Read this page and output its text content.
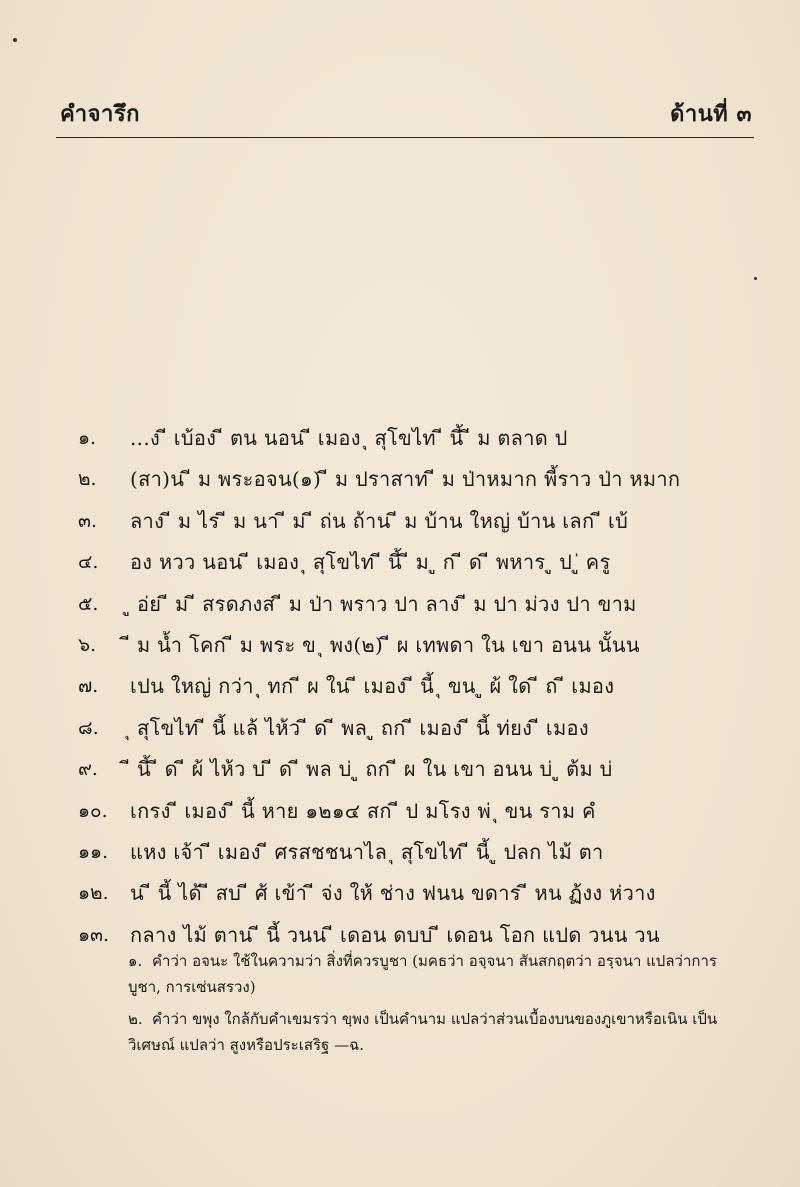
คำจารึก	ด้านที่ ๓
๑.	...ง ี เบ้อง ี ตน นอน ี เมอง ุ สุโขไท ี นี้ ี ม ตลาด ป
๒.	(สา)น ี ม พระอจน(๑) ี ม ปราสาท ี ม ป่าหมาก พี้ราว ป่า หมาก
๓.	ลาง ี ม ไร่ ี ม นา ี ม ี ถ่น ถ้าน ี ม บ้าน ใหญ่ บ้าน เลก ี เบ้
๔.	อง หวว นอน ี เมอง ุ สุโขไท ี นี้ ี ม ู ก ี ด ี พหาร ู ป ู่ ครู
๕.	ู อ่ย ี ม ี สรดภงส ี ม ป่า พราว ปา ลาง ี ม ปา ม่วง ปา ขาม
๖.	ี ม น้ำ โคก ี ม พระ ข ุ พง(๒) ี ผ เทพดา ใน เขา อนน นั้นน
๗.	เปน ใหญ่ กว่า ุ ทก ี ผ ใน ี เมอง ี นี้ ุ ขน ู ผ้ ใด ี ถ ี เมอง
๘.	ุ สุโขไท ี นี้ แล้ ไห้ว ี ด ี พล ู ถก ี เมอง ี นี้ ท่ยง ี เมอง
๙.	ี นี้ ี ด ี ผ้ ไห้ว บ่ ี ด ี พล บ่ ู ถก ี ผ ใน เขา อนน บ่ ู ต้ม บ่
๑๐.	เกรง ี เมอง ี นี้ หาย ๑๒๑๔ สก ี ป มโรง พ่ ุ ขน ราม คํ
๑๑.	แหง เจ้า ี เมอง ี ศรสชชนาไล ุ สุโขไท ี นี้ ู ปลก ไม้ ตา
๑๒.	น ี นี้ ได้ ี สบ ี ศ้ เข้า ี จ่ง ให้ ช่าง ฟนน ขดาร ี หน ฏ้งง ห่วาง
๑๓.	กลาง ไม้ ตาน ี นี้ วนน ี เดอน ดบบ ี เดอน โอก แปด วนน วน
๑. คำว่า อจนะ ใช้ในความว่า สิ่งที่ควรบูชา (มคธว่า อจฺจนา สันสกฤตว่า อรฺจนา แปลว่าการ
บูชา, การเซ่นสรวง)
๒. คำว่า ขพุง ใกล้กับคำเขมรว่า ขฺพง เป็นคำนาม แปลว่าส่วนเบื้องบนของภูเขาหรือเนิน เป็น
วิเศษณ์ แปลว่า สูงหรือประเสริฐ —ฉ.
